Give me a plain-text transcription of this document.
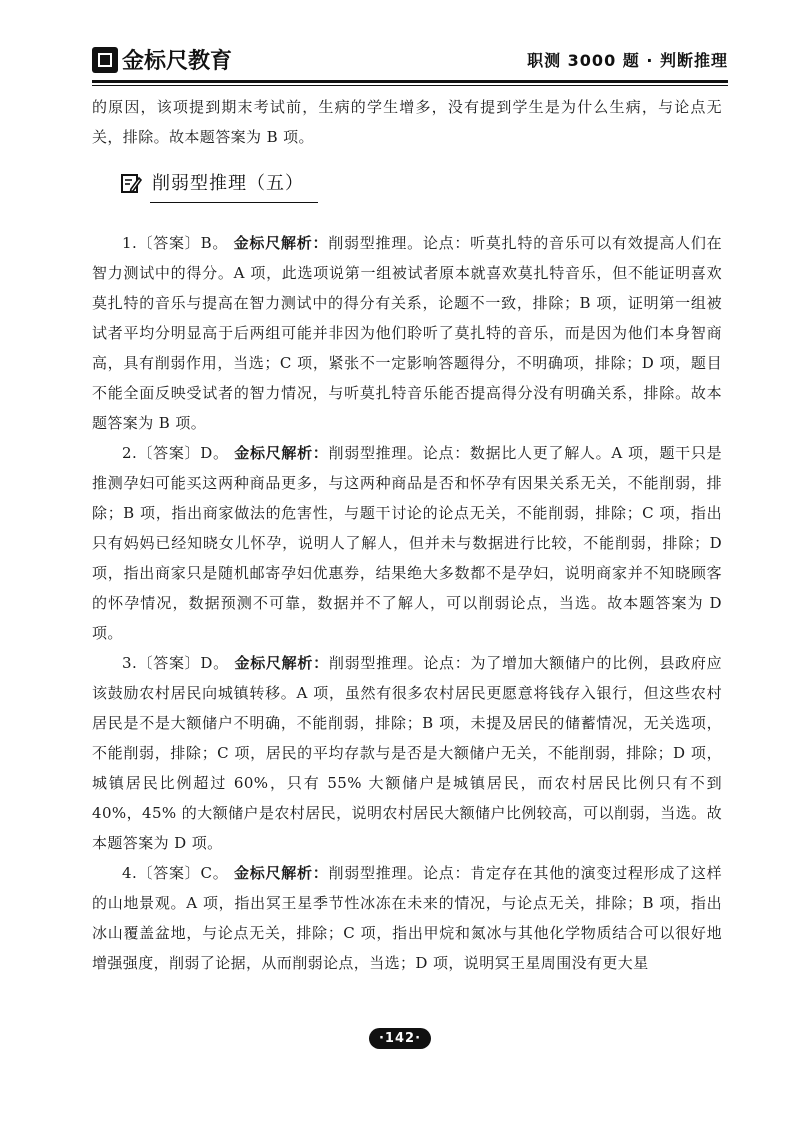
金标尺教育	职测 3000 题 · 判断推理

的原因，该项提到期末考试前，生病的学生增多，没有提到学生是为什么生病，与论点无关，排除。故本题答案为 B 项。

削弱型推理（五）

1.〔答案〕B。 金标尺解析：削弱型推理。论点：听莫扎特的音乐可以有效提高人们在智力测试中的得分。A 项，此选项说第一组被试者原本就喜欢莫扎特音乐，但不能证明喜欢莫扎特的音乐与提高在智力测试中的得分有关系，论题不一致，排除；B 项，证明第一组被试者平均分明显高于后两组可能并非因为他们聆听了莫扎特的音乐，而是因为他们本身智商高，具有削弱作用，当选；C 项，紧张不一定影响答题得分，不明确项，排除；D 项，题目不能全面反映受试者的智力情况，与听莫扎特音乐能否提高得分没有明确关系，排除。故本题答案为 B 项。

2.〔答案〕D。 金标尺解析：削弱型推理。论点：数据比人更了解人。A 项，题干只是推测孕妇可能买这两种商品更多，与这两种商品是否和怀孕有因果关系无关，不能削弱，排除；B 项，指出商家做法的危害性，与题干讨论的论点无关，不能削弱，排除；C 项，指出只有妈妈已经知晓女儿怀孕，说明人了解人，但并未与数据进行比较，不能削弱，排除；D 项，指出商家只是随机邮寄孕妇优惠券，结果绝大多数都不是孕妇，说明商家并不知晓顾客的怀孕情况，数据预测不可靠，数据并不了解人，可以削弱论点，当选。故本题答案为 D 项。

3.〔答案〕D。 金标尺解析：削弱型推理。论点：为了增加大额储户的比例，县政府应该鼓励农村居民向城镇转移。A 项，虽然有很多农村居民更愿意将钱存入银行，但这些农村居民是不是大额储户不明确，不能削弱，排除；B 项，未提及居民的储蓄情况，无关选项，不能削弱，排除；C 项，居民的平均存款与是否是大额储户无关，不能削弱，排除；D 项，城镇居民比例超过 60%，只有 55% 大额储户是城镇居民，而农村居民比例只有不到 40%，45% 的大额储户是农村居民，说明农村居民大额储户比例较高，可以削弱，当选。故本题答案为 D 项。

4.〔答案〕C。 金标尺解析：削弱型推理。论点：肯定存在其他的演变过程形成了这样的山地景观。A 项，指出冥王星季节性冰冻在未来的情况，与论点无关，排除；B 项，指出冰山覆盖盆地，与论点无关，排除；C 项，指出甲烷和氮冰与其他化学物质结合可以很好地增强强度，削弱了论据，从而削弱论点，当选；D 项，说明冥王星周围没有更大星

·142·
